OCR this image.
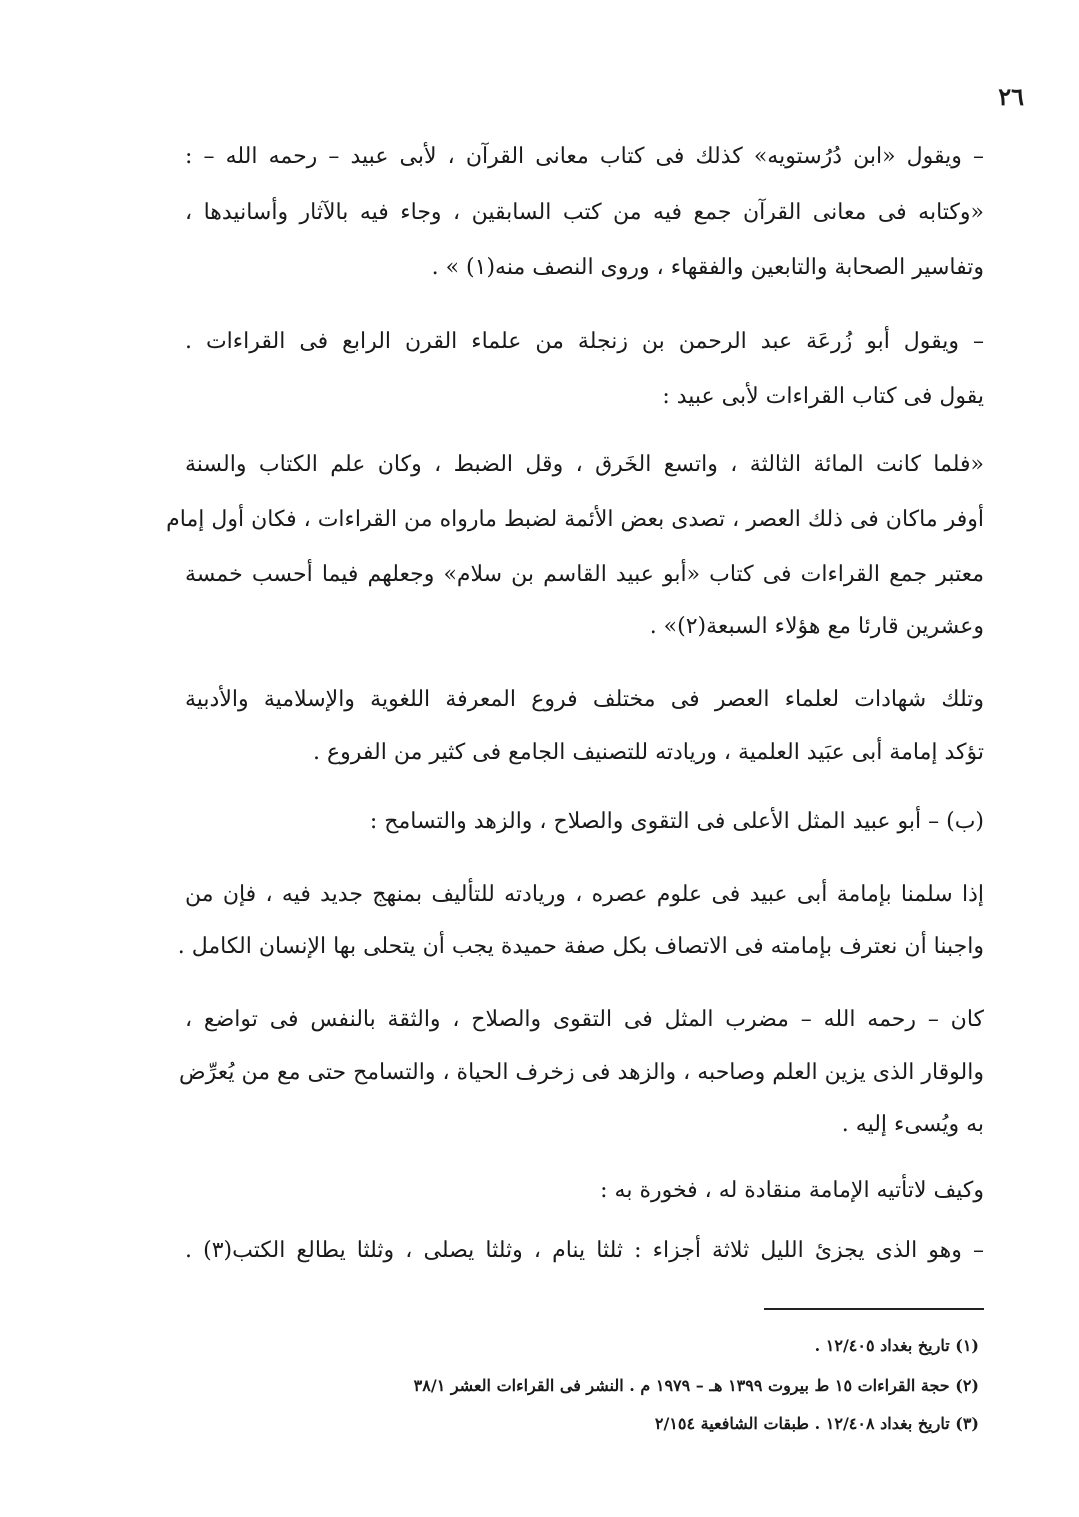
٢٦
– ويقول «ابن دُرُستويه» كذلك فى كتاب معانى القرآن ، لأبى عبيد – رحمه الله – :
«وكتابه فى معانى القرآن جمع فيه من كتب السابقين ، وجاء فيه بالآثار وأسانيدها ،
وتفاسير الصحابة والتابعين والفقهاء ، وروى النصف منه(١) » .
– ويقول أبو زُرعَة عبد الرحمن بن زنجلة من علماء القرن الرابع فى القراءات .
يقول فى كتاب القراءات لأبى عبيد :
«فلما كانت المائة الثالثة ، واتسع الخَرق ، وقل الضبط ، وكان علم الكتاب والسنة
أوفر ماكان فى ذلك العصر ، تصدى بعض الأئمة لضبط مارواه من القراءات ، فكان أول إمام
معتبر جمع القراءات فى كتاب «أبو عبيد القاسم بن سلام» وجعلهم فيما أحسب خمسة
وعشرين قارئا مع هؤلاء السبعة(٢)» .
وتلك شهادات لعلماء العصر فى مختلف فروع المعرفة اللغوية والإسلامية والأدبية
تؤكد إمامة أبى عبَيد العلمية ، وريادته للتصنيف الجامع فى كثير من الفروع .
(ب) – أبو عبيد المثل الأعلى فى التقوى والصلاح ، والزهد والتسامح :
إذا سلمنا بإمامة أبى عبيد فى علوم عصره ، وريادته للتأليف بمنهج جديد فيه ، فإن من
واجبنا أن نعترف بإمامته فى الاتصاف بكل صفة حميدة يجب أن يتحلى بها الإنسان الكامل .
كان – رحمه الله – مضرب المثل فى التقوى والصلاح ، والثقة بالنفس فى تواضع ،
والوقار الذى يزين العلم وصاحبه ، والزهد فى زخرف الحياة ، والتسامح حتى مع من يُعرِّض
به ويُسىء إليه .
وكيف لاتأتيه الإمامة منقادة له ، فخورة به :
– وهو الذى يجزئ الليل ثلاثة أجزاء : ثلثا ينام ، وثلثا يصلى ، وثلثا يطالع الكتب(٣) .
(١) تاريخ بغداد ١٢/٤٠٥ .
(٢) حجة القراءات ١٥ ط بيروت ١٣٩٩ هـ – ١٩٧٩ م . النشر فى القراءات العشر ٣٨/١
(٣) تاريخ بغداد ١٢/٤٠٨ . طبقات الشافعية ٢/١٥٤
